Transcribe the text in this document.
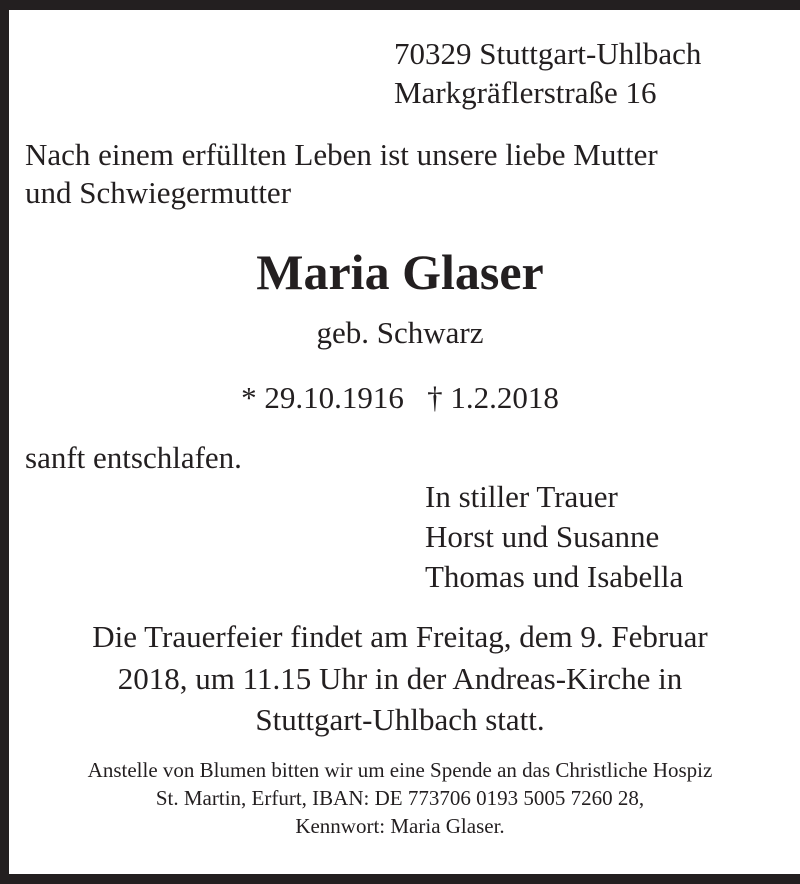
70329 Stuttgart-Uhlbach
Markgräflerstraße 16
Nach einem erfüllten Leben ist unsere liebe Mutter
und Schwiegermutter
Maria Glaser
geb. Schwarz
* 29.10.1916   † 1.2.2018
sanft entschlafen.
In stiller Trauer
Horst und Susanne
Thomas und Isabella
Die Trauerfeier findet am Freitag, dem 9. Februar
2018, um 11.15 Uhr in der Andreas-Kirche in
Stuttgart-Uhlbach statt.
Anstelle von Blumen bitten wir um eine Spende an das Christliche Hospiz
St. Martin, Erfurt, IBAN: DE 773706 0193 5005 7260 28,
Kennwort: Maria Glaser.
